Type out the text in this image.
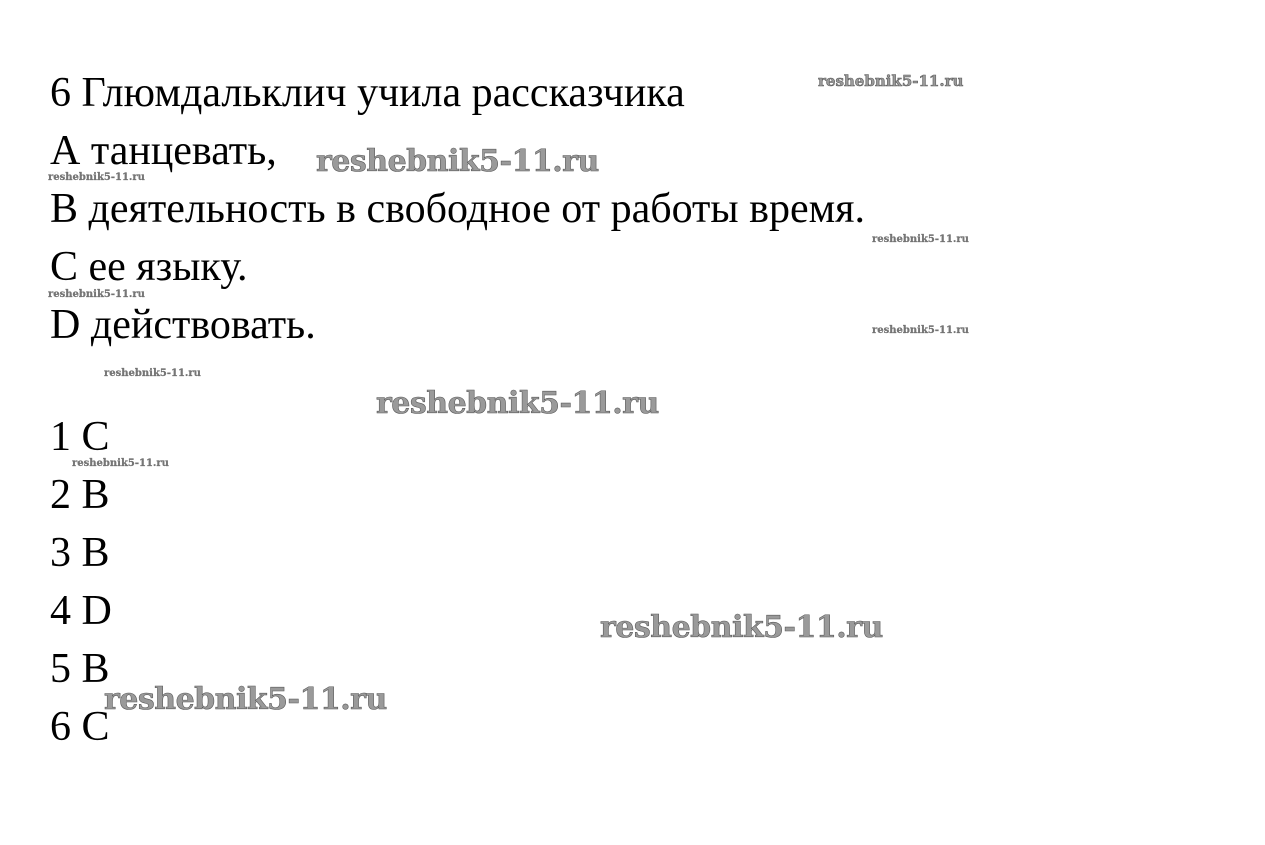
6 Глюмдальклич учила рассказчика

А танцевать,

B деятельность в свободное от работы время.

C ее языку.

D действовать.

1 C

2 B

3 B

4 D

5 B

6 C

reshebnik5-11.ru
reshebnik5-11.ru
reshebnik5-11.ru
reshebnik5-11.ru
reshebnik5-11.ru
reshebnik5-11.ru
reshebnik5-11.ru
reshebnik5-11.ru
reshebnik5-11.ru
reshebnik5-11.ru
reshebnik5-11.ru
